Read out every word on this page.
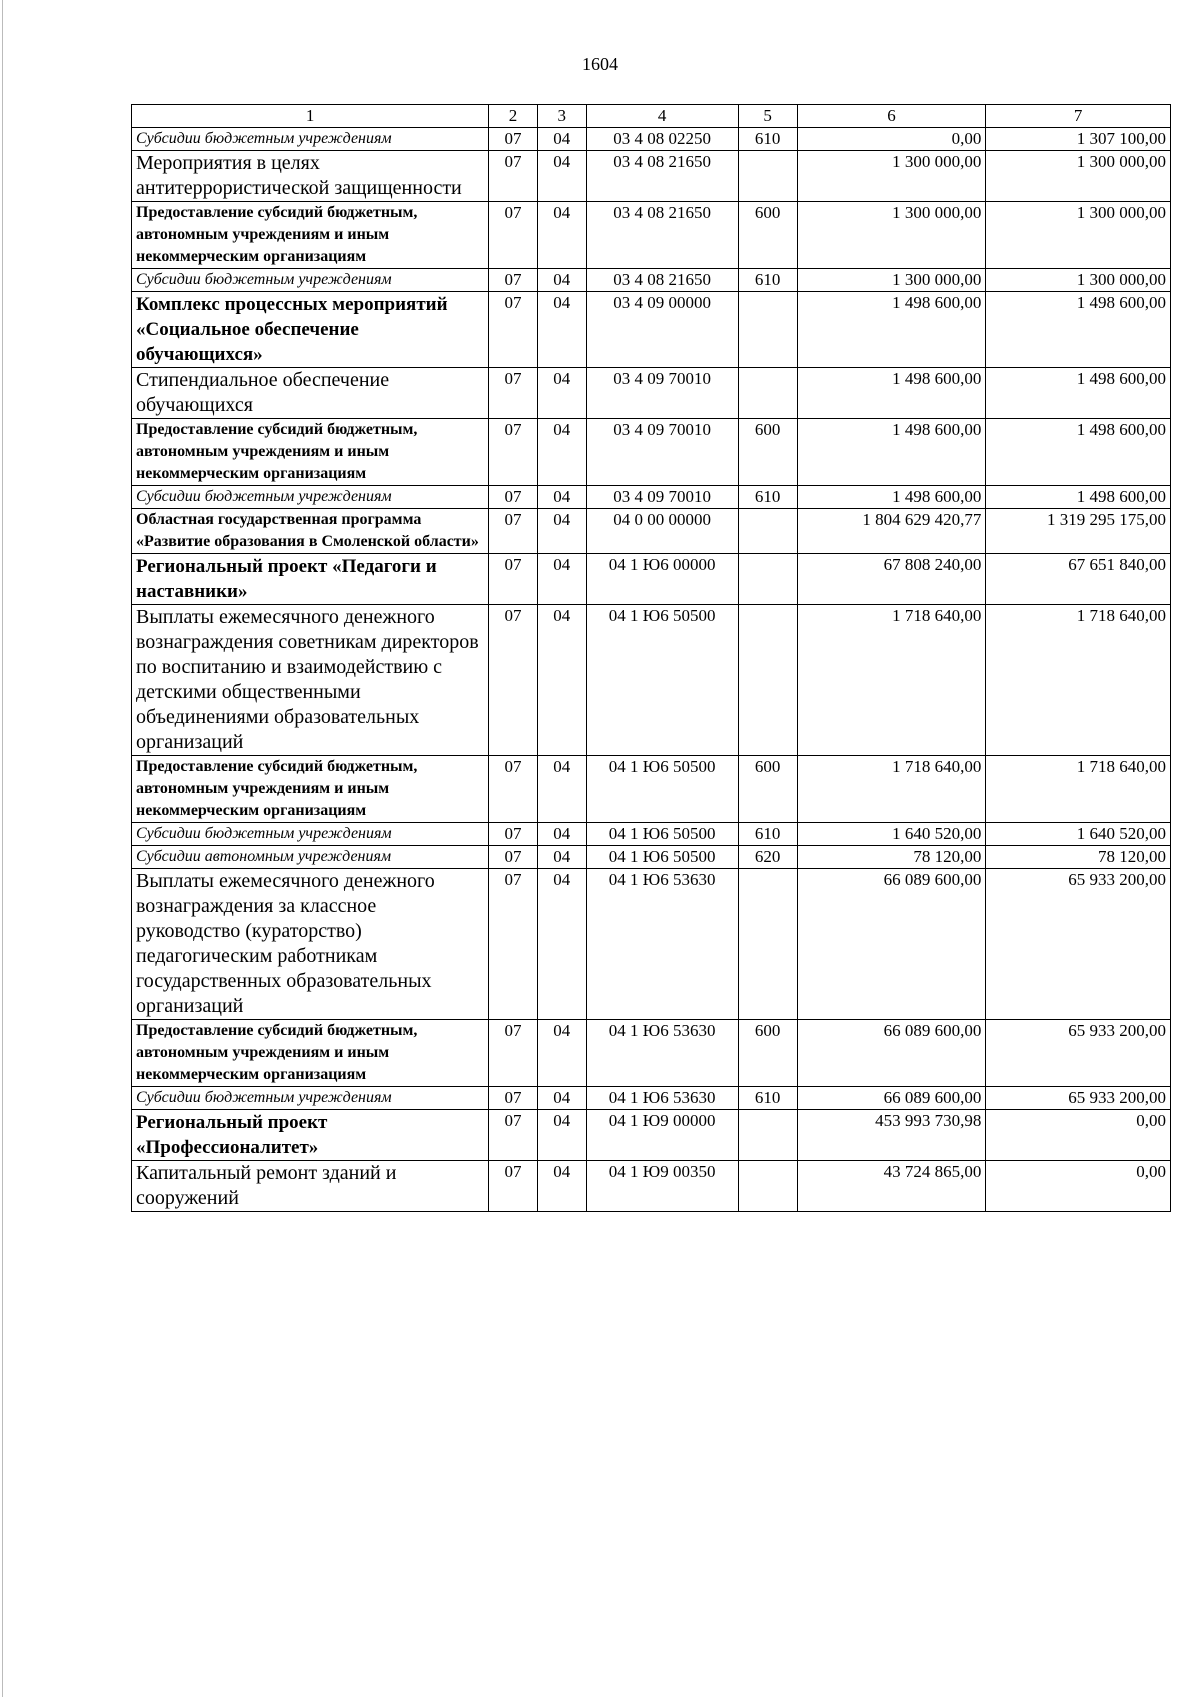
1604
1	2	3	4	5	6	7
Субсидии бюджетным учреждениям	07	04	03 4 08 02250	610	0,00	1 307 100,00
Мероприятия в целях антитеррористической защищенности	07	04	03 4 08 21650		1 300 000,00	1 300 000,00
Предоставление субсидий бюджетным, автономным учреждениям и иным некоммерческим организациям	07	04	03 4 08 21650	600	1 300 000,00	1 300 000,00
Субсидии бюджетным учреждениям	07	04	03 4 08 21650	610	1 300 000,00	1 300 000,00
Комплекс процессных мероприятий «Социальное обеспечение обучающихся»	07	04	03 4 09 00000		1 498 600,00	1 498 600,00
Стипендиальное обеспечение обучающихся	07	04	03 4 09 70010		1 498 600,00	1 498 600,00
Предоставление субсидий бюджетным, автономным учреждениям и иным некоммерческим организациям	07	04	03 4 09 70010	600	1 498 600,00	1 498 600,00
Субсидии бюджетным учреждениям	07	04	03 4 09 70010	610	1 498 600,00	1 498 600,00
Областная государственная программа «Развитие образования в Смоленской области»	07	04	04 0 00 00000		1 804 629 420,77	1 319 295 175,00
Региональный проект «Педагоги и наставники»	07	04	04 1 Ю6 00000		67 808 240,00	67 651 840,00
Выплаты ежемесячного денежного вознаграждения советникам директоров по воспитанию и взаимодействию с детскими общественными объединениями образовательных организаций	07	04	04 1 Ю6 50500		1 718 640,00	1 718 640,00
Предоставление субсидий бюджетным, автономным учреждениям и иным некоммерческим организациям	07	04	04 1 Ю6 50500	600	1 718 640,00	1 718 640,00
Субсидии бюджетным учреждениям	07	04	04 1 Ю6 50500	610	1 640 520,00	1 640 520,00
Субсидии автономным учреждениям	07	04	04 1 Ю6 50500	620	78 120,00	78 120,00
Выплаты ежемесячного денежного вознаграждения за классное руководство (кураторство) педагогическим работникам государственных образовательных организаций	07	04	04 1 Ю6 53630		66 089 600,00	65 933 200,00
Предоставление субсидий бюджетным, автономным учреждениям и иным некоммерческим организациям	07	04	04 1 Ю6 53630	600	66 089 600,00	65 933 200,00
Субсидии бюджетным учреждениям	07	04	04 1 Ю6 53630	610	66 089 600,00	65 933 200,00
Региональный проект «Профессионалитет»	07	04	04 1 Ю9 00000		453 993 730,98	0,00
Капитальный ремонт зданий и сооружений	07	04	04 1 Ю9 00350		43 724 865,00	0,00
